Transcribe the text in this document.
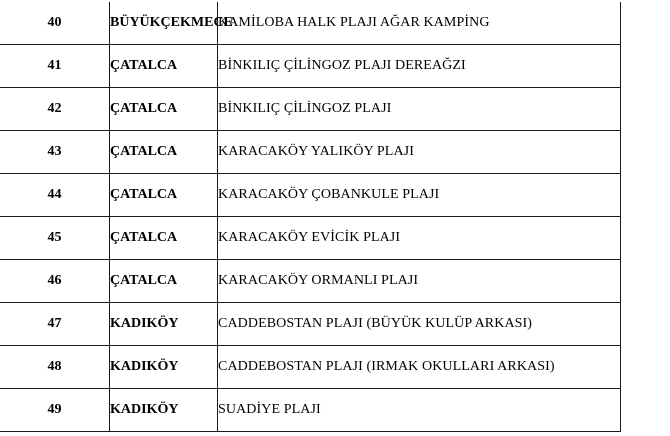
40	BÜYÜKÇEKMECE	KAMİLOBA HALK PLAJI AĞAR KAMPİNG
41	ÇATALCA	BİNKILIÇ ÇİLİNGOZ PLAJI DEREAĞZI
42	ÇATALCA	BİNKILIÇ ÇİLİNGOZ PLAJI
43	ÇATALCA	KARACAKÖY YALIKÖY PLAJI
44	ÇATALCA	KARACAKÖY ÇOBANKULE PLAJI
45	ÇATALCA	KARACAKÖY EVİCİK PLAJI
46	ÇATALCA	KARACAKÖY ORMANLI PLAJI
47	KADIKÖY	CADDEBOSTAN PLAJI (BÜYÜK KULÜP ARKASI)
48	KADIKÖY	CADDEBOSTAN PLAJI (IRMAK OKULLARI ARKASI)
49	KADIKÖY	SUADİYE PLAJI
